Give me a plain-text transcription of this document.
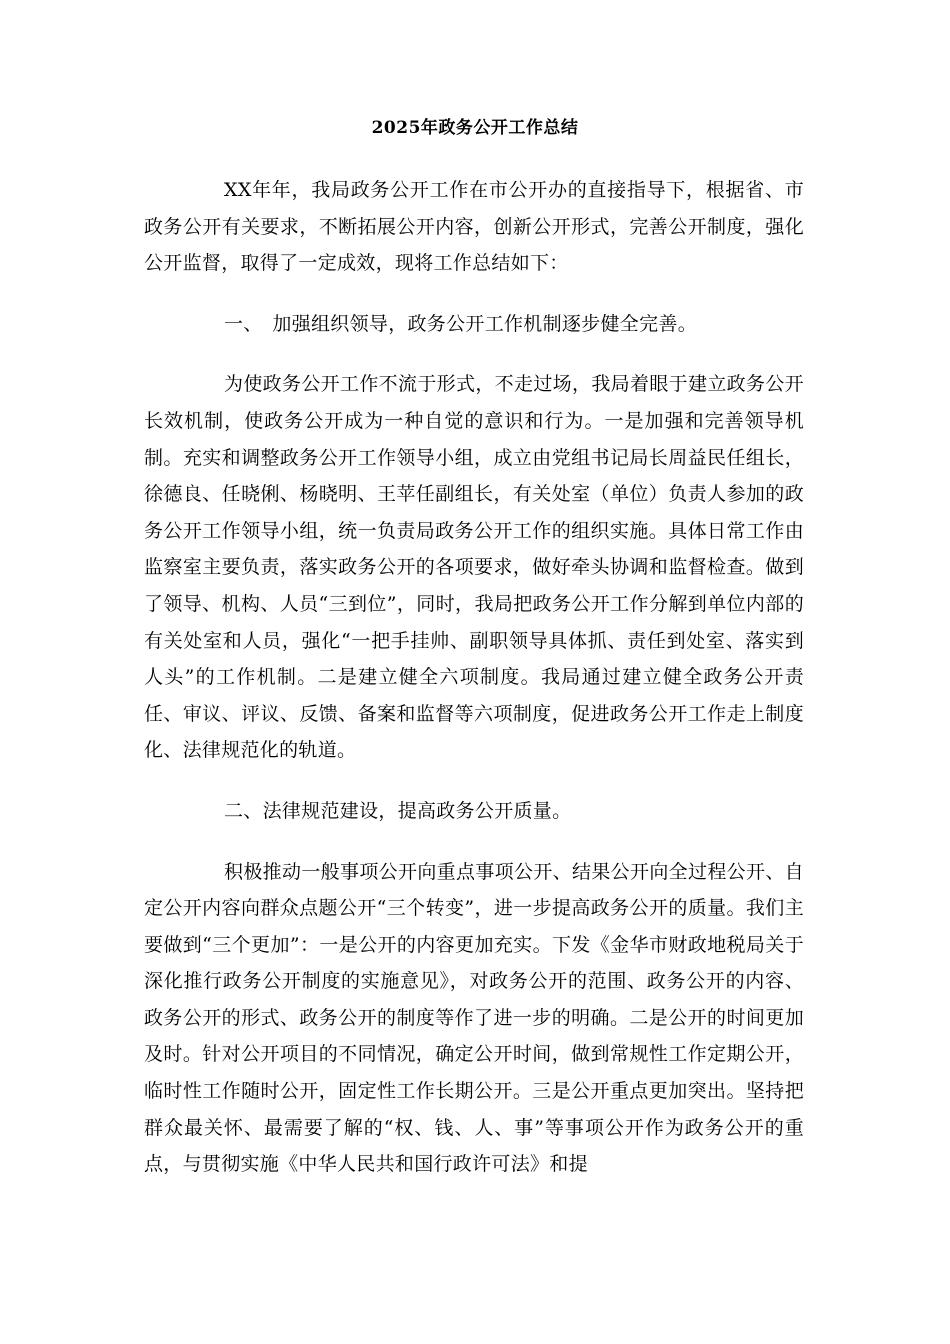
2025年政务公开工作总结

XX年年，我局政务公开工作在市公开办的直接指导下，根据省、市政务公开有关要求，不断拓展公开内容，创新公开形式，完善公开制度，强化公开监督，取得了一定成效，现将工作总结如下：

一、　加强组织领导，政务公开工作机制逐步健全完善。

为使政务公开工作不流于形式，不走过场，我局着眼于建立政务公开长效机制，使政务公开成为一种自觉的意识和行为。一是加强和完善领导机制。充实和调整政务公开工作领导小组，成立由党组书记局长周益民任组长，徐德良、任晓俐、杨晓明、王苹任副组长，有关处室（单位）负责人参加的政务公开工作领导小组，统一负责局政务公开工作的组织实施。具体日常工作由监察室主要负责，落实政务公开的各项要求，做好牵头协调和监督检查。做到了领导、机构、人员“三到位”，同时，我局把政务公开工作分解到单位内部的有关处室和人员，强化“一把手挂帅、副职领导具体抓、责任到处室、落实到人头”的工作机制。二是建立健全六项制度。我局通过建立健全政务公开责任、审议、评议、反馈、备案和监督等六项制度，促进政务公开工作走上制度化、法律规范化的轨道。

二、法律规范建设，提高政务公开质量。

积极推动一般事项公开向重点事项公开、结果公开向全过程公开、自定公开内容向群众点题公开“三个转变”，进一步提高政务公开的质量。我们主要做到“三个更加”：一是公开的内容更加充实。下发《金华市财政地税局关于深化推行政务公开制度的实施意见》，对政务公开的范围、政务公开的内容、政务公开的形式、政务公开的制度等作了进一步的明确。二是公开的时间更加及时。针对公开项目的不同情况，确定公开时间，做到常规性工作定期公开，临时性工作随时公开，固定性工作长期公开。三是公开重点更加突出。坚持把群众最关怀、最需要了解的“权、钱、人、事”等事项公开作为政务公开的重点，与贯彻实施《中华人民共和国行政许可法》和提
